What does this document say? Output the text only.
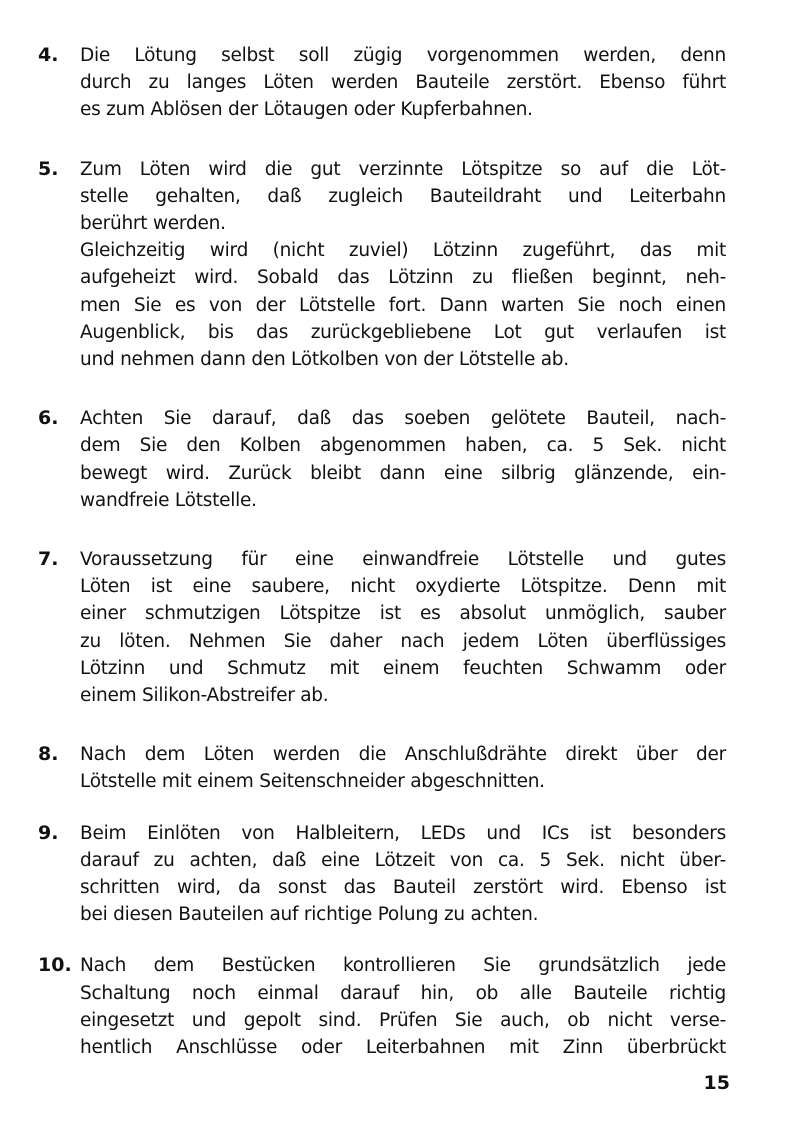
4.	Die Lötung selbst soll zügig vorgenommen werden, denn
durch zu langes Löten werden Bauteile zerstört. Ebenso führt
es zum Ablösen der Lötaugen oder Kupferbahnen.
5.	Zum Löten wird die gut verzinnte Lötspitze so auf die Löt-
stelle gehalten, daß zugleich Bauteildraht und Leiterbahn
berührt werden.
Gleichzeitig wird (nicht zuviel) Lötzinn zugeführt, das mit
aufgeheizt wird. Sobald das Lötzinn zu fließen beginnt, neh-
men Sie es von der Lötstelle fort. Dann warten Sie noch einen
Augenblick, bis das zurückgebliebene Lot gut verlaufen ist
und nehmen dann den Lötkolben von der Lötstelle ab.
6.	Achten Sie darauf, daß das soeben gelötete Bauteil, nach-
dem Sie den Kolben abgenommen haben, ca. 5 Sek. nicht
bewegt wird. Zurück bleibt dann eine silbrig glänzende, ein-
wandfreie Lötstelle.
7.	Voraussetzung für eine einwandfreie Lötstelle und gutes
Löten ist eine saubere, nicht oxydierte Lötspitze. Denn mit
einer schmutzigen Lötspitze ist es absolut unmöglich, sauber
zu löten. Nehmen Sie daher nach jedem Löten überflüssiges
Lötzinn und Schmutz mit einem feuchten Schwamm oder
einem Silikon-Abstreifer ab.
8.	Nach dem Löten werden die Anschlußdrähte direkt über der
Lötstelle mit einem Seitenschneider abgeschnitten.
9.	Beim Einlöten von Halbleitern, LEDs und ICs ist besonders
darauf zu achten, daß eine Lötzeit von ca. 5 Sek. nicht über-
schritten wird, da sonst das Bauteil zerstört wird. Ebenso ist
bei diesen Bauteilen auf richtige Polung zu achten.
10. Nach dem Bestücken kontrollieren Sie grundsätzlich jede
Schaltung noch einmal darauf hin, ob alle Bauteile richtig
eingesetzt und gepolt sind. Prüfen Sie auch, ob nicht verse-
hentlich Anschlüsse oder Leiterbahnen mit Zinn überbrückt
15
